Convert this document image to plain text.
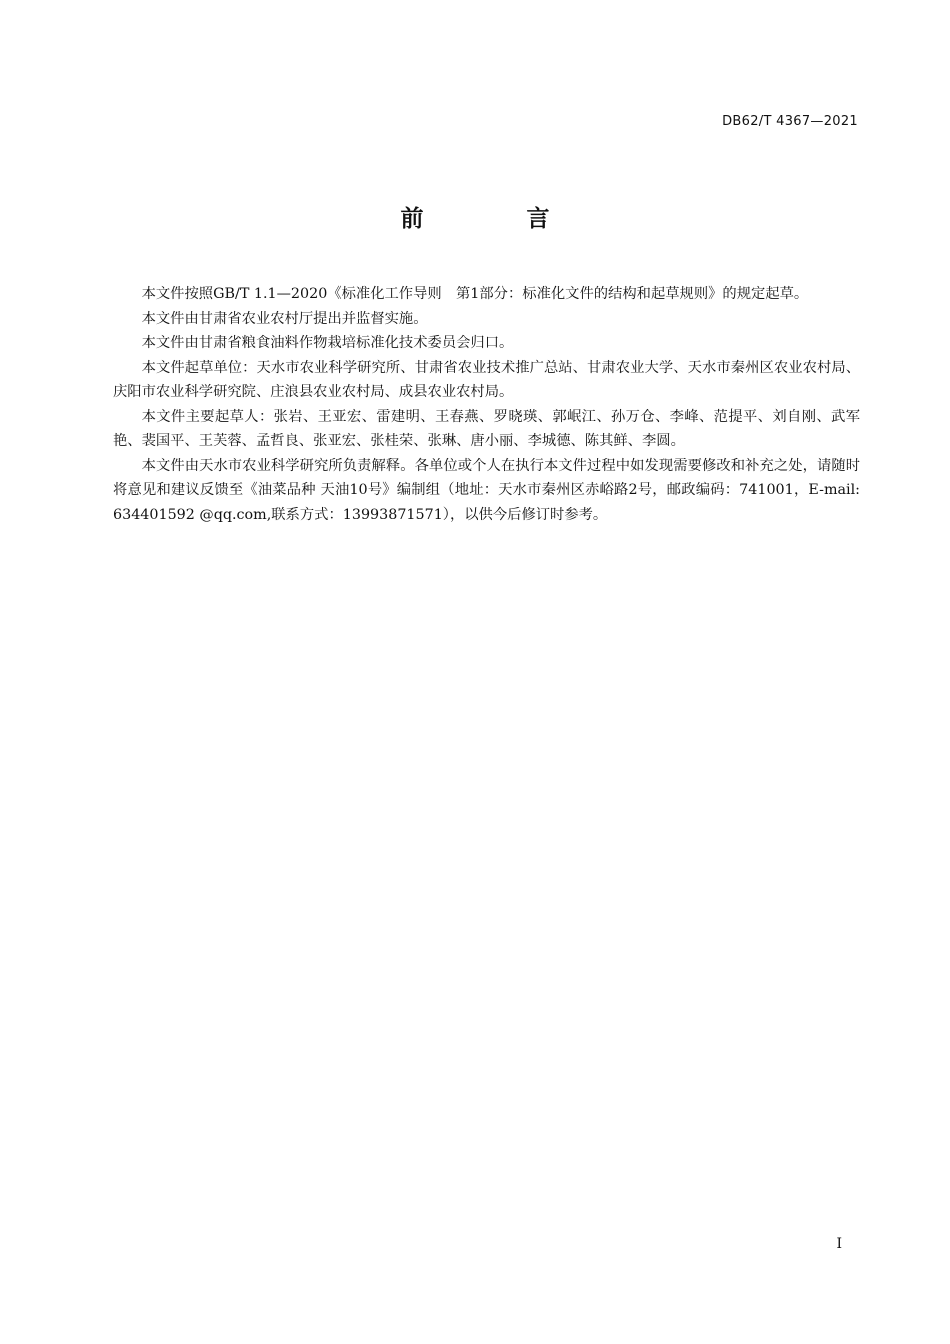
DB62/T 4367—2021
前　言

本文件按照GB/T 1.1—2020《标准化工作导则　第1部分：标准化文件的结构和起草规则》的规定起草。

本文件由甘肃省农业农村厅提出并监督实施。

本文件由甘肃省粮食油料作物栽培标准化技术委员会归口。

本文件起草单位：天水市农业科学研究所、甘肃省农业技术推广总站、甘肃农业大学、天水市秦州区农业农村局、庆阳市农业科学研究院、庄浪县农业农村局、成县农业农村局。

本文件主要起草人：张岩、王亚宏、雷建明、王春燕、罗晓瑛、郭岷江、孙万仓、李峰、范提平、刘自刚、武军艳、裴国平、王芙蓉、孟哲良、张亚宏、张桂荣、张琳、唐小丽、李城德、陈其鲜、李圆。

本文件由天水市农业科学研究所负责解释。各单位或个人在执行本文件过程中如发现需要修改和补充之处，请随时将意见和建议反馈至《油菜品种 天油10号》编制组（地址：天水市秦州区赤峪路2号，邮政编码：741001，E-mail: 634401592 @qq.com,联系方式：13993871571），以供今后修订时参考。

I
